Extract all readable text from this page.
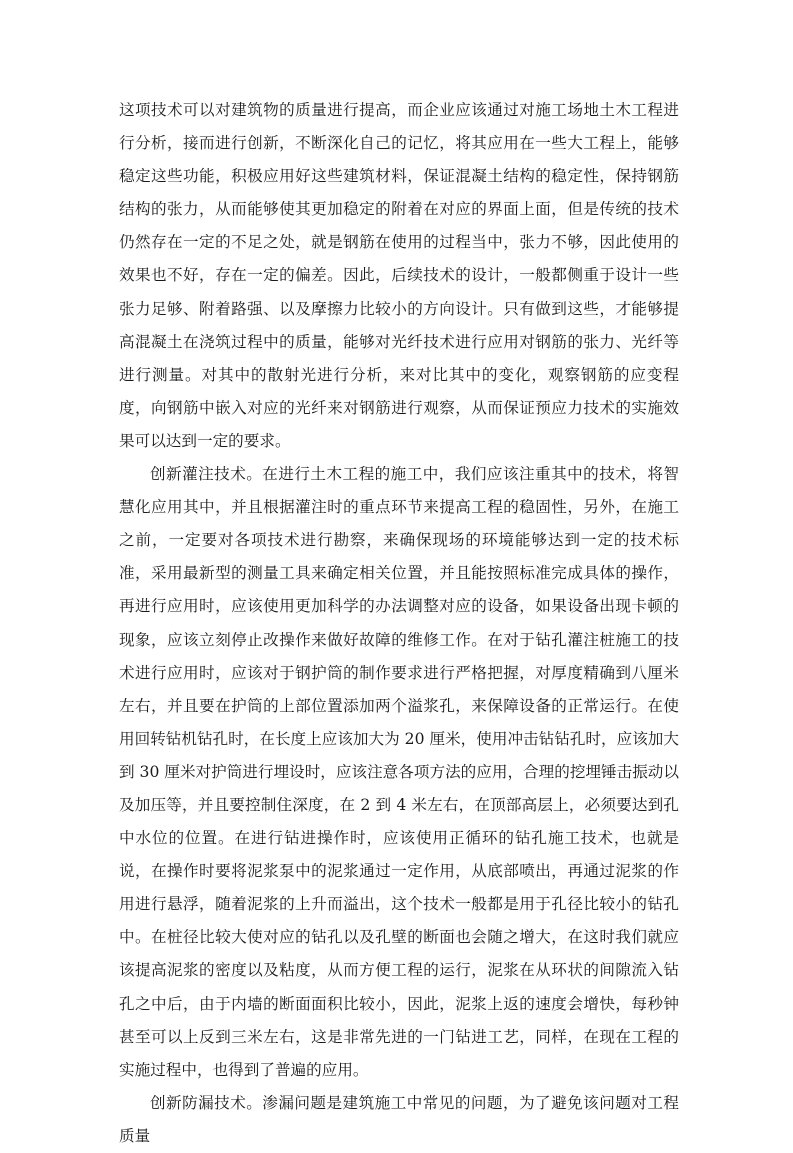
这项技术可以对建筑物的质量进行提高，而企业应该通过对施工场地土木工程进行分析，接而进行创新，不断深化自己的记忆，将其应用在一些大工程上，能够稳定这些功能，积极应用好这些建筑材料，保证混凝土结构的稳定性，保持钢筋结构的张力，从而能够使其更加稳定的附着在对应的界面上面，但是传统的技术仍然存在一定的不足之处，就是钢筋在使用的过程当中，张力不够，因此使用的效果也不好，存在一定的偏差。因此，后续技术的设计，一般都侧重于设计一些张力足够、附着路强、以及摩擦力比较小的方向设计。只有做到这些，才能够提高混凝土在浇筑过程中的质量，能够对光纤技术进行应用对钢筋的张力、光纤等进行测量。对其中的散射光进行分析，来对比其中的变化，观察钢筋的应变程度，向钢筋中嵌入对应的光纤来对钢筋进行观察，从而保证预应力技术的实施效果可以达到一定的要求。

创新灌注技术。在进行土木工程的施工中，我们应该注重其中的技术，将智慧化应用其中，并且根据灌注时的重点环节来提高工程的稳固性，另外，在施工之前，一定要对各项技术进行勘察，来确保现场的环境能够达到一定的技术标准，采用最新型的测量工具来确定相关位置，并且能按照标准完成具体的操作，再进行应用时，应该使用更加科学的办法调整对应的设备，如果设备出现卡顿的现象，应该立刻停止改操作来做好故障的维修工作。在对于钻孔灌注桩施工的技术进行应用时，应该对于钢护筒的制作要求进行严格把握，对厚度精确到八厘米左右，并且要在护筒的上部位置添加两个溢浆孔，来保障设备的正常运行。在使用回转钻机钻孔时，在长度上应该加大为 20 厘米，使用冲击钻钻孔时，应该加大到 30 厘米对护筒进行埋设时，应该注意各项方法的应用，合理的挖埋锤击振动以及加压等，并且要控制住深度，在 2 到 4 米左右，在顶部高层上，必须要达到孔中水位的位置。在进行钻进操作时，应该使用正循环的钻孔施工技术，也就是说，在操作时要将泥浆泵中的泥浆通过一定作用，从底部喷出，再通过泥浆的作用进行悬浮，随着泥浆的上升而溢出，这个技术一般都是用于孔径比较小的钻孔中。在桩径比较大使对应的钻孔以及孔壁的断面也会随之增大，在这时我们就应该提高泥浆的密度以及粘度，从而方便工程的运行，泥浆在从环状的间隙流入钻孔之中后，由于内墙的断面面积比较小，因此，泥浆上返的速度会增快，每秒钟甚至可以上反到三米左右，这是非常先进的一门钻进工艺，同样，在现在工程的实施过程中，也得到了普遍的应用。

创新防漏技术。渗漏问题是建筑施工中常见的问题，为了避免该问题对工程质量
